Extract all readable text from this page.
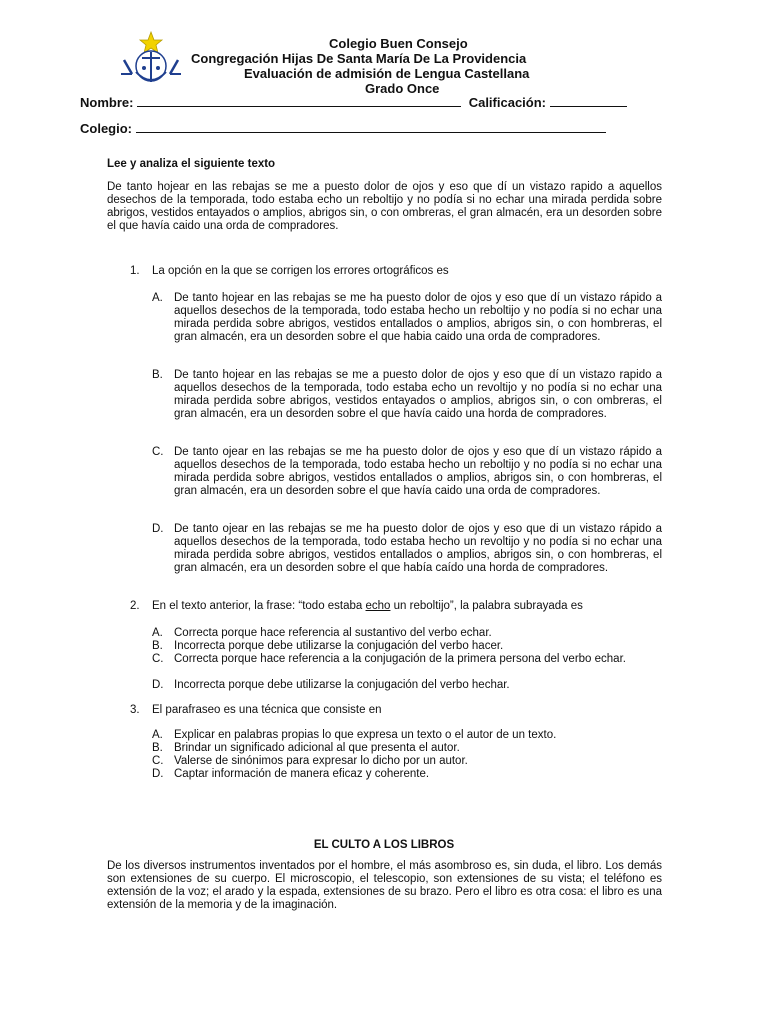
Colegio Buen Consejo
Congregación Hijas De Santa María De La Providencia
Evaluación de admisión de Lengua Castellana
Grado Once
Nombre:	Calificación:
Colegio:
Lee y analiza el siguiente texto
De tanto hojear en las rebajas se me a puesto dolor de ojos y eso que dí un vistazo rapido a aquellos desechos de la temporada, todo estaba echo un reboltijo y no podía si no echar una mirada perdida sobre abrigos, vestidos entayados o amplios, abrigos sin, o con ombreras, el gran almacén, era un desorden sobre el que havía caido una orda de compradores.
1. La opción en la que se corrigen los errores ortográficos es
A. De tanto hojear en las rebajas se me ha puesto dolor de ojos y eso que dí un vistazo rápido a aquellos desechos de la temporada, todo estaba hecho un reboltijo y no podía si no echar una mirada perdida sobre abrigos, vestidos entallados o amplios, abrigos sin, o con hombreras, el gran almacén, era un desorden sobre el que habia caido una orda de compradores.
B. De tanto hojear en las rebajas se me a puesto dolor de ojos y eso que dí un vistazo rapido a aquellos desechos de la temporada, todo estaba echo un revoltijo y no podía si no echar una mirada perdida sobre abrigos, vestidos entayados o amplios, abrigos sin, o con ombreras, el gran almacén, era un desorden sobre el que havía caido una horda de compradores.
C. De tanto ojear en las rebajas se me ha puesto dolor de ojos y eso que dí un vistazo rápido a aquellos desechos de la temporada, todo estaba hecho un reboltijo y no podía si no echar una mirada perdida sobre abrigos, vestidos entallados o amplios, abrigos sin, o con hombreras, el gran almacén, era un desorden sobre el que havía caido una orda de compradores.
D. De tanto ojear en las rebajas se me ha puesto dolor de ojos y eso que di un vistazo rápido a aquellos desechos de la temporada, todo estaba hecho un revoltijo y no podía si no echar una mirada perdida sobre abrigos, vestidos entallados o amplios, abrigos sin, o con hombreras, el gran almacén, era un desorden sobre el que había caído una horda de compradores.
2. En el texto anterior, la frase: “todo estaba echo un reboltijo”, la palabra subrayada es
A. Correcta porque hace referencia al sustantivo del verbo echar.
B. Incorrecta porque debe utilizarse la conjugación del verbo hacer.
C. Correcta porque hace referencia a la conjugación de la primera persona del verbo echar.
D. Incorrecta porque debe utilizarse la conjugación del verbo hechar.
3. El parafraseo es una técnica que consiste en
A. Explicar en palabras propias lo que expresa un texto o el autor de un texto.
B. Brindar un significado adicional al que presenta el autor.
C. Valerse de sinónimos para expresar lo dicho por un autor.
D. Captar información de manera eficaz y coherente.
EL CULTO A LOS LIBROS
De los diversos instrumentos inventados por el hombre, el más asombroso es, sin duda, el libro. Los demás son extensiones de su cuerpo. El microscopio, el telescopio, son extensiones de su vista; el teléfono es extensión de la voz; el arado y la espada, extensiones de su brazo. Pero el libro es otra cosa: el libro es una extensión de la memoria y de la imaginación.
